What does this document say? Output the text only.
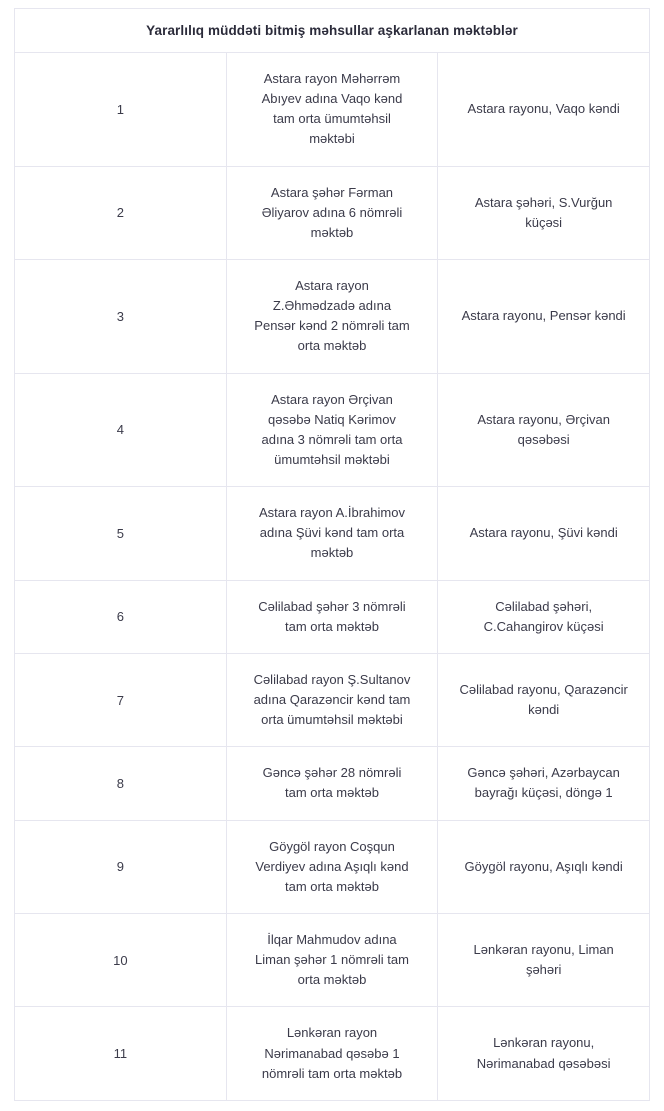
Yararlılıq müddəti bitmiş məhsullar aşkarlanan məktəblər		
1	Astara rayon Məhərrəm Abıyev adına Vaqo kənd tam orta ümumtəhsil məktəbi	Astara rayonu, Vaqo kəndi
2	Astara şəhər Fərman Əliyarov adına 6 nömrəli məktəb	Astara şəhəri, S.Vurğun küçəsi
3	Astara rayon Z.Əhmədzadə adına Pensər kənd 2 nömrəli tam orta məktəb	Astara rayonu, Pensər kəndi
4	Astara rayon Ərçivan qəsəbə Natiq Kərimov adına 3 nömrəli tam orta ümumtəhsil məktəbi	Astara rayonu, Ərçivan qəsəbəsi
5	Astara rayon A.İbrahimov adına Şüvi kənd tam orta məktəb	Astara rayonu, Şüvi kəndi
6	Cəlilabad şəhər 3 nömrəli tam orta məktəb	Cəlilabad şəhəri, C.Cahangirov küçəsi
7	Cəlilabad rayon Ş.Sultanov adına Qarazəncir kənd tam orta ümumtəhsil məktəbi	Cəlilabad rayonu, Qarazəncir kəndi
8	Gəncə şəhər 28 nömrəli tam orta məktəb	Gəncə şəhəri, Azərbaycan bayrağı küçəsi, döngə 1
9	Göygöl rayon Coşqun Verdiyev adına Aşıqlı kənd tam orta məktəb	Göygöl rayonu, Aşıqlı kəndi
10	İlqar Mahmudov adına Liman şəhər 1 nömrəli tam orta məktəb	Lənkəran rayonu, Liman şəhəri
11	Lənkəran rayon Nərimanabad qəsəbə 1 nömrəli tam orta məktəb	Lənkəran rayonu, Nərimanabad qəsəbəsi
